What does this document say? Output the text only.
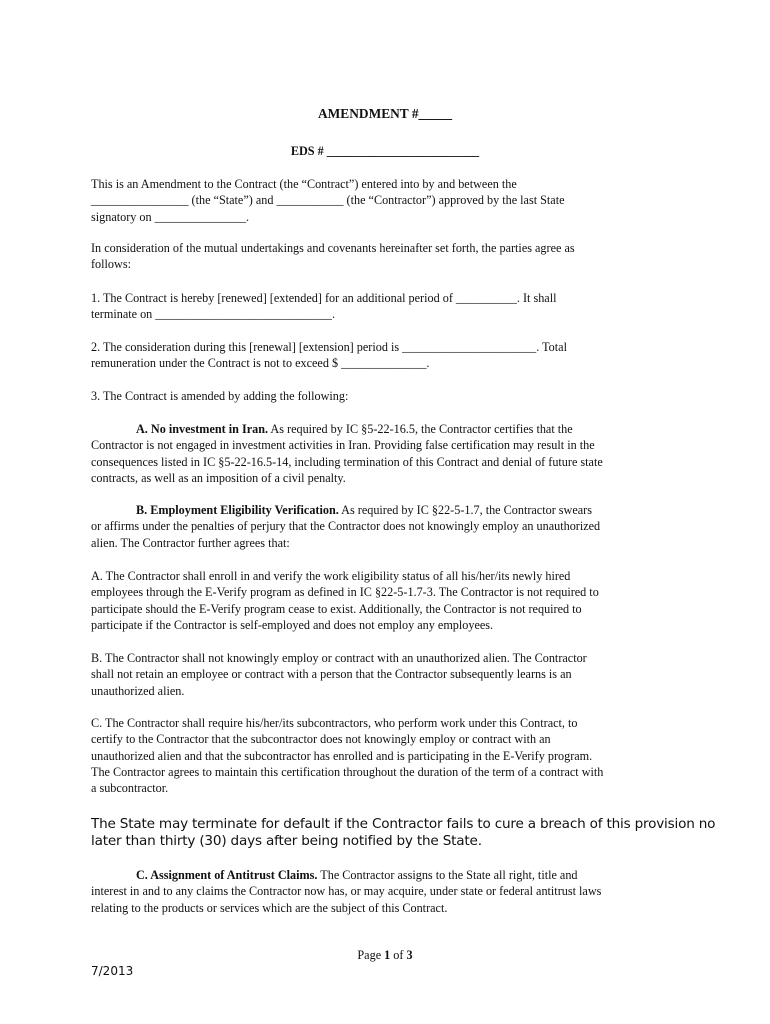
AMENDMENT #_____
EDS # _________________________
This is an Amendment to the Contract (the “Contract”) entered into by and between the
________________ (the “State”) and ___________ (the “Contractor”) approved by the last State
signatory on _______________.
In consideration of the mutual undertakings and covenants hereinafter set forth, the parties agree as
follows:
1. The Contract is hereby [renewed] [extended] for an additional period of __________. It shall
terminate on _____________________________.
2. The consideration during this [renewal] [extension] period is ______________________. Total
remuneration under the Contract is not to exceed $ ______________.
3. The Contract is amended by adding the following:
A. No investment in Iran. As required by IC §5-22-16.5, the Contractor certifies that the
Contractor is not engaged in investment activities in Iran. Providing false certification may result in the
consequences listed in IC §5-22-16.5-14, including termination of this Contract and denial of future state
contracts, as well as an imposition of a civil penalty.
B. Employment Eligibility Verification. As required by IC §22-5-1.7, the Contractor swears
or affirms under the penalties of perjury that the Contractor does not knowingly employ an unauthorized
alien. The Contractor further agrees that:
A. The Contractor shall enroll in and verify the work eligibility status of all his/her/its newly hired
employees through the E-Verify program as defined in IC §22-5-1.7-3. The Contractor is not required to
participate should the E-Verify program cease to exist. Additionally, the Contractor is not required to
participate if the Contractor is self-employed and does not employ any employees.
B. The Contractor shall not knowingly employ or contract with an unauthorized alien. The Contractor
shall not retain an employee or contract with a person that the Contractor subsequently learns is an
unauthorized alien.
C. The Contractor shall require his/her/its subcontractors, who perform work under this Contract, to
certify to the Contractor that the subcontractor does not knowingly employ or contract with an
unauthorized alien and that the subcontractor has enrolled and is participating in the E-Verify program.
The Contractor agrees to maintain this certification throughout the duration of the term of a contract with
a subcontractor.
The State may terminate for default if the Contractor fails to cure a breach of this provision no
later than thirty (30) days after being notified by the State.
C. Assignment of Antitrust Claims. The Contractor assigns to the State all right, title and
interest in and to any claims the Contractor now has, or may acquire, under state or federal antitrust laws
relating to the products or services which are the subject of this Contract.
Page 1 of 3
7/2013
